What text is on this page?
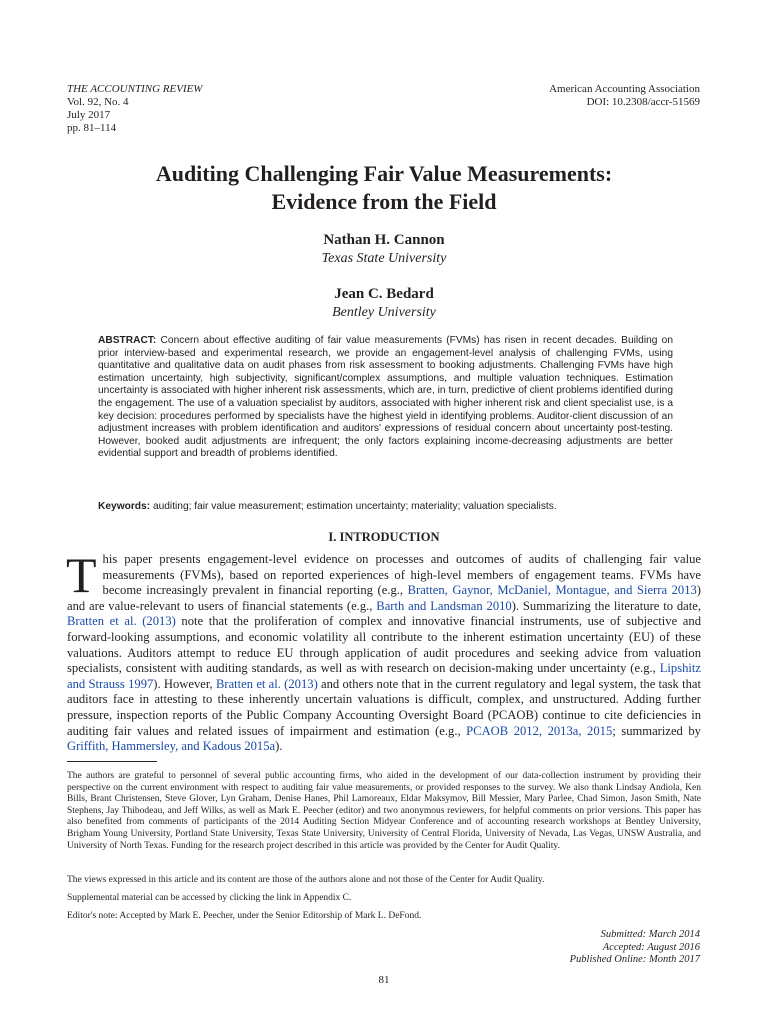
THE ACCOUNTING REVIEW
Vol. 92, No. 4
July 2017
pp. 81–114
American Accounting Association
DOI: 10.2308/accr-51569
Auditing Challenging Fair Value Measurements:
Evidence from the Field
Nathan H. Cannon
Texas State University
Jean C. Bedard
Bentley University
ABSTRACT: Concern about effective auditing of fair value measurements (FVMs) has risen in recent decades. Building on prior interview-based and experimental research, we provide an engagement-level analysis of challenging FVMs, using quantitative and qualitative data on audit phases from risk assessment to booking adjustments. Challenging FVMs have high estimation uncertainty, high subjectivity, significant/complex assumptions, and multiple valuation techniques. Estimation uncertainty is associated with higher inherent risk assessments, which are, in turn, predictive of client problems identified during the engagement. The use of a valuation specialist by auditors, associated with higher inherent risk and client specialist use, is a key decision: procedures performed by specialists have the highest yield in identifying problems. Auditor-client discussion of an adjustment increases with problem identification and auditors' expressions of residual concern about uncertainty post-testing. However, booked audit adjustments are infrequent; the only factors explaining income-decreasing adjustments are better evidential support and breadth of problems identified.
Keywords: auditing; fair value measurement; estimation uncertainty; materiality; valuation specialists.
I. INTRODUCTION
This paper presents engagement-level evidence on processes and outcomes of audits of challenging fair value measurements (FVMs), based on reported experiences of high-level members of engagement teams. FVMs have become increasingly prevalent in financial reporting (e.g., Bratten, Gaynor, McDaniel, Montague, and Sierra 2013) and are value-relevant to users of financial statements (e.g., Barth and Landsman 2010). Summarizing the literature to date, Bratten et al. (2013) note that the proliferation of complex and innovative financial instruments, use of subjective and forward-looking assumptions, and economic volatility all contribute to the inherent estimation uncertainty (EU) of these valuations. Auditors attempt to reduce EU through application of audit procedures and seeking advice from valuation specialists, consistent with auditing standards, as well as with research on decision-making under uncertainty (e.g., Lipshitz and Strauss 1997). However, Bratten et al. (2013) and others note that in the current regulatory and legal system, the task that auditors face in attesting to these inherently uncertain valuations is difficult, complex, and unstructured. Adding further pressure, inspection reports of the Public Company Accounting Oversight Board (PCAOB) continue to cite deficiencies in auditing fair values and related issues of impairment and estimation (e.g., PCAOB 2012, 2013a, 2015; summarized by Griffith, Hammersley, and Kadous 2015a).
The authors are grateful to personnel of several public accounting firms, who aided in the development of our data-collection instrument by providing their perspective on the current environment with respect to auditing fair value measurements, or provided responses to the survey. We also thank Lindsay Andiola, Ken Bills, Brant Christensen, Steve Glover, Lyn Graham, Denise Hanes, Phil Lamoreaux, Eldar Maksymov, Bill Messier, Mary Parlee, Chad Simon, Jason Smith, Nate Stephens, Jay Thibodeau, and Jeff Wilks, as well as Mark E. Peecher (editor) and two anonymous reviewers, for helpful comments on prior versions. This paper has also benefited from comments of participants of the 2014 Auditing Section Midyear Conference and of accounting research workshops at Bentley University, Brigham Young University, Portland State University, Texas State University, University of Central Florida, University of Nevada, Las Vegas, UNSW Australia, and University of North Texas. Funding for the research project described in this article was provided by the Center for Audit Quality.
The views expressed in this article and its content are those of the authors alone and not those of the Center for Audit Quality.
Supplemental material can be accessed by clicking the link in Appendix C.
Editor's note: Accepted by Mark E. Peecher, under the Senior Editorship of Mark L. DeFond.
Submitted: March 2014
Accepted: August 2016
Published Online: Month 2017
81
